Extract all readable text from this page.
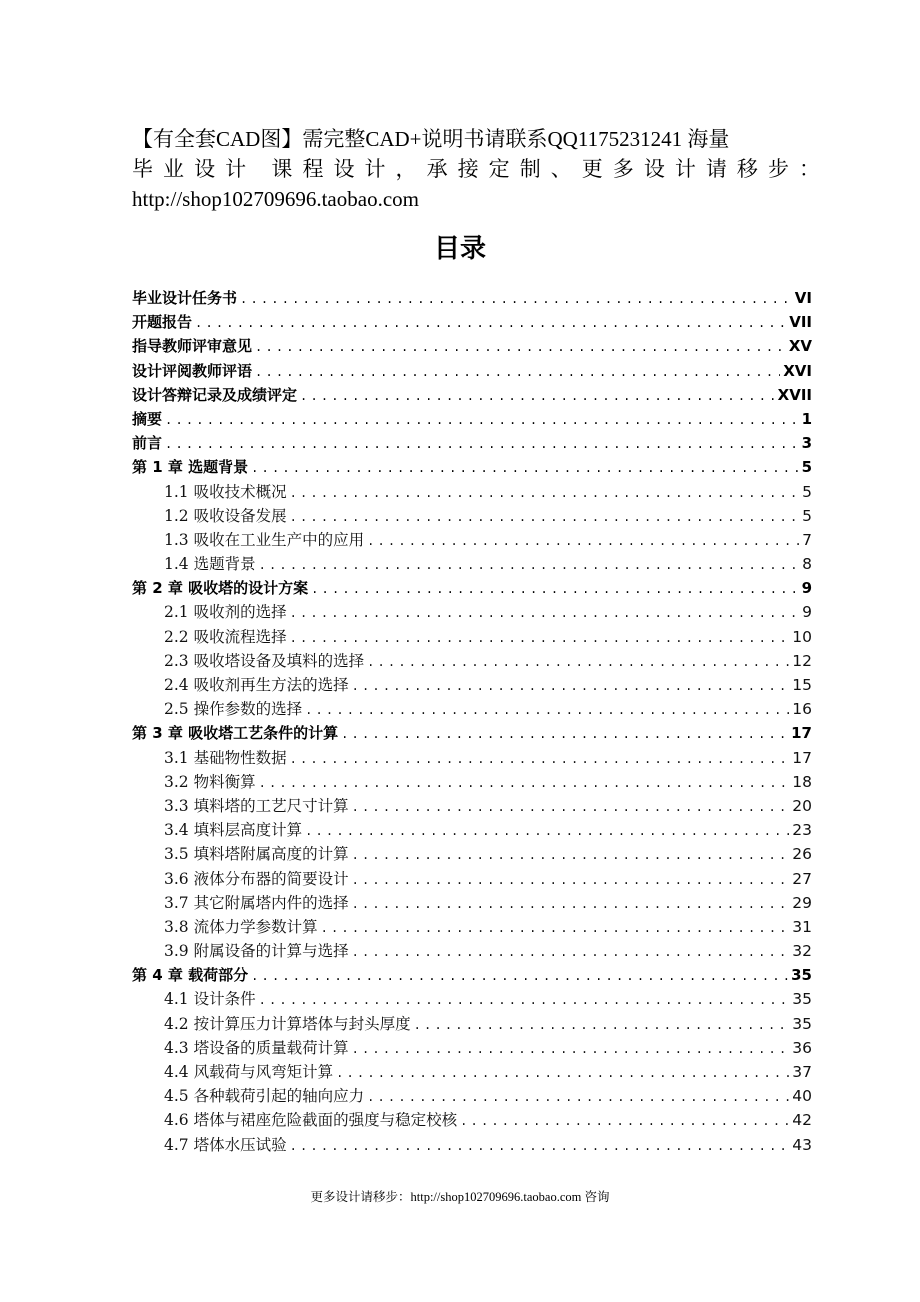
【有全套CAD图】需完整CAD+说明书请联系QQ1175231241 海量
毕业设计 课程设计，承接定制、更多设计请移步：
http://shop102709696.taobao.com
目录
毕业设计任务书 .....	VI
开题报告 .....	VII
指导教师评审意见 .....	XV
设计评阅教师评语 .....	XVI
设计答辩记录及成绩评定 .....	XVII
摘要 .....	1
前言 .....	3
第 1 章 选题背景 .....	5
1.1 吸收技术概况 .....	5
1.2 吸收设备发展 .....	5
1.3 吸收在工业生产中的应用 .....	7
1.4 选题背景 .....	8
第 2 章 吸收塔的设计方案 .....	9
2.1 吸收剂的选择 .....	9
2.2 吸收流程选择 .....	10
2.3 吸收塔设备及填料的选择 .....	12
2.4 吸收剂再生方法的选择 .....	15
2.5 操作参数的选择 .....	16
第 3 章 吸收塔工艺条件的计算 .....	17
3.1 基础物性数据 .....	17
3.2 物料衡算 .....	18
3.3 填料塔的工艺尺寸计算 .....	20
3.4 填料层高度计算 .....	23
3.5 填料塔附属高度的计算 .....	26
3.6 液体分布器的简要设计 .....	27
3.7 其它附属塔内件的选择 .....	29
3.8 流体力学参数计算 .....	31
3.9 附属设备的计算与选择 .....	32
第 4 章 载荷部分 .....	35
4.1 设计条件 .....	35
4.2 按计算压力计算塔体与封头厚度 .....	35
4.3 塔设备的质量载荷计算 .....	36
4.4 风载荷与风弯矩计算 .....	37
4.5 各种载荷引起的轴向应力 .....	40
4.6 塔体与裙座危险截面的强度与稳定校核 .....	42
4.7 塔体水压试验 .....	43
更多设计请移步：http://shop102709696.taobao.com 咨询
